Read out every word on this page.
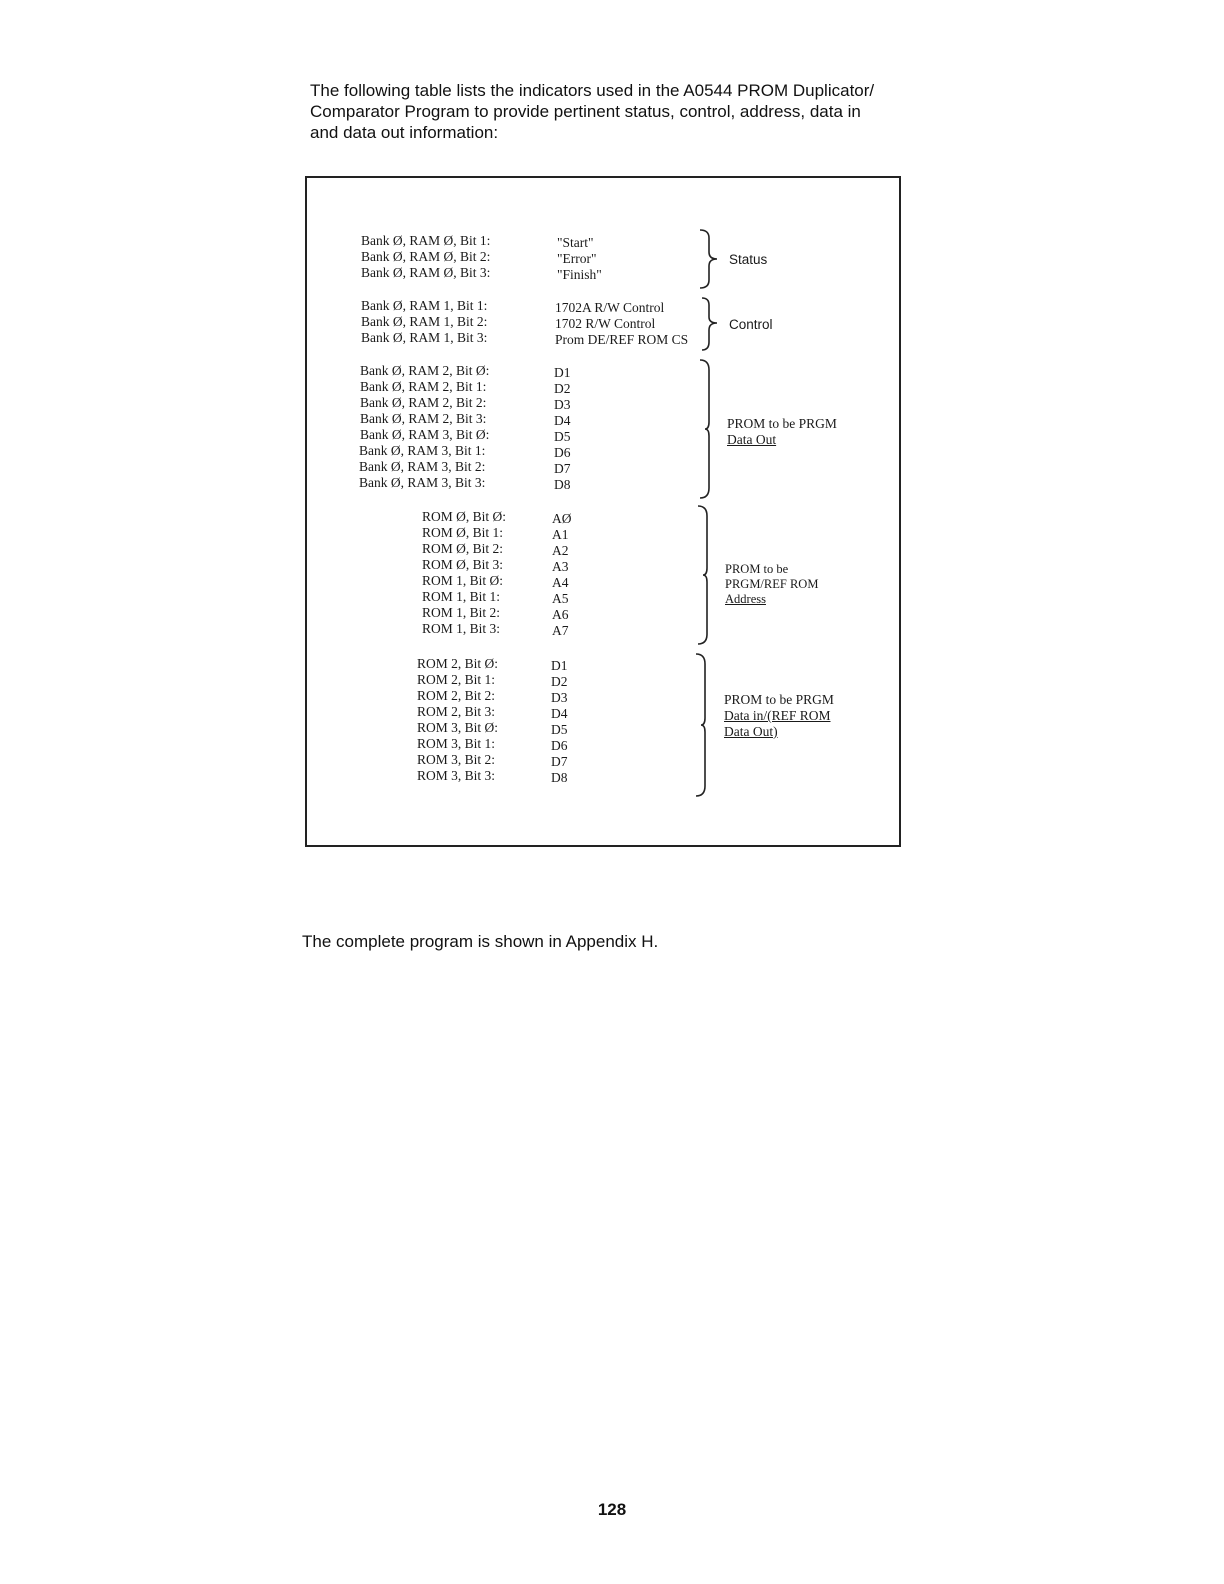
The following table lists the indicators used in the A0544 PROM Duplicator/
Comparator Program to provide pertinent status, control, address, data in
and data out information:
Bank Ø, RAM Ø, Bit 1:	"Start"
Bank Ø, RAM Ø, Bit 2:	"Error"
Bank Ø, RAM Ø, Bit 3:	"Finish"
Status
Bank Ø, RAM 1, Bit 1:	1702A R/W Control
Bank Ø, RAM 1, Bit 2:	1702 R/W Control
Bank Ø, RAM 1, Bit 3:	Prom DE/REF ROM CS
Control
Bank Ø, RAM 2, Bit Ø:	D1
Bank Ø, RAM 2, Bit 1:	D2
Bank Ø, RAM 2, Bit 2:	D3
Bank Ø, RAM 2, Bit 3:	D4
Bank Ø, RAM 3, Bit Ø:	D5
Bank Ø, RAM 3, Bit 1:	D6
Bank Ø, RAM 3, Bit 2:	D7
Bank Ø, RAM 3, Bit 3:	D8
PROM to be PRGM
Data Out
ROM Ø, Bit Ø:	AØ
ROM Ø, Bit 1:	A1
ROM Ø, Bit 2:	A2
ROM Ø, Bit 3:	A3
ROM 1, Bit Ø:	A4
ROM 1, Bit 1:	A5
ROM 1, Bit 2:	A6
ROM 1, Bit 3:	A7
PROM to be
PRGM/REF ROM
Address
ROM 2, Bit Ø:	D1
ROM 2, Bit 1:	D2
ROM 2, Bit 2:	D3
ROM 2, Bit 3:	D4
ROM 3, Bit Ø:	D5
ROM 3, Bit 1:	D6
ROM 3, Bit 2:	D7
ROM 3, Bit 3:	D8
PROM to be PRGM
Data in/(REF ROM
Data Out)
The complete program is shown in Appendix H.
128
